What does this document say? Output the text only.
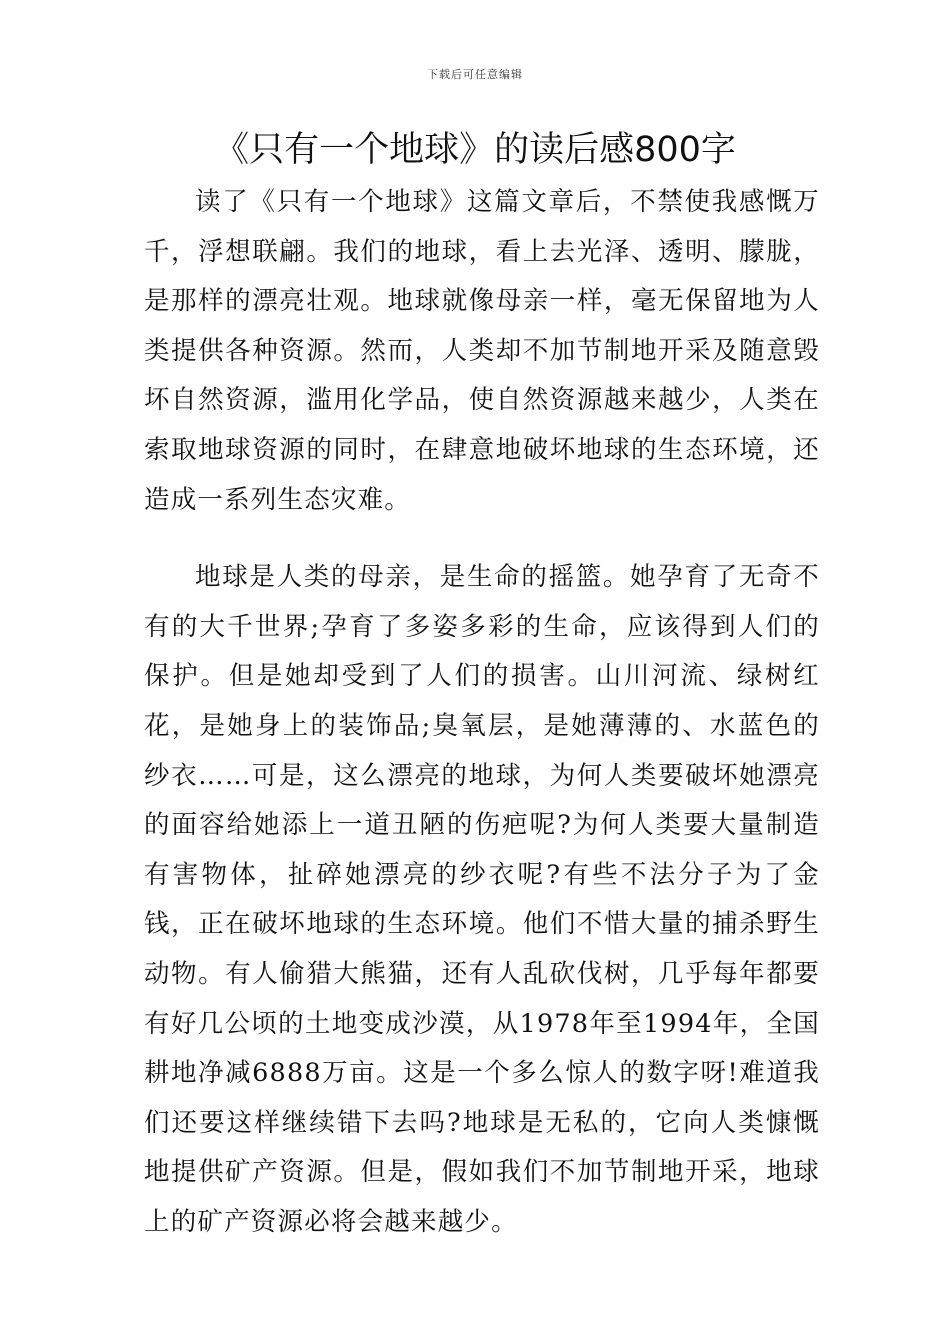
下载后可任意编辑
《只有一个地球》的读后感800字

读了《只有一个地球》这篇文章后，不禁使我感慨万千，浮想联翩。我们的地球，看上去光泽、透明、朦胧，是那样的漂亮壮观。地球就像母亲一样，毫无保留地为人类提供各种资源。然而，人类却不加节制地开采及随意毁坏自然资源，滥用化学品，使自然资源越来越少，人类在索取地球资源的同时，在肆意地破坏地球的生态环境，还造成一系列生态灾难。

地球是人类的母亲，是生命的摇篮。她孕育了无奇不有的大千世界;孕育了多姿多彩的生命，应该得到人们的保护。但是她却受到了人们的损害。山川河流、绿树红花，是她身上的装饰品;臭氧层，是她薄薄的、水蓝色的纱衣……可是，这么漂亮的地球，为何人类要破坏她漂亮的面容给她添上一道丑陋的伤疤呢?为何人类要大量制造有害物体，扯碎她漂亮的纱衣呢?有些不法分子为了金钱，正在破坏地球的生态环境。他们不惜大量的捕杀野生动物。有人偷猎大熊猫，还有人乱砍伐树，几乎每年都要有好几公顷的土地变成沙漠，从1978年至1994年，全国耕地净减6888万亩。这是一个多么惊人的数字呀!难道我们还要这样继续错下去吗?地球是无私的，它向人类慷慨地提供矿产资源。但是，假如我们不加节制地开采，地球上的矿产资源必将会越来越少。
